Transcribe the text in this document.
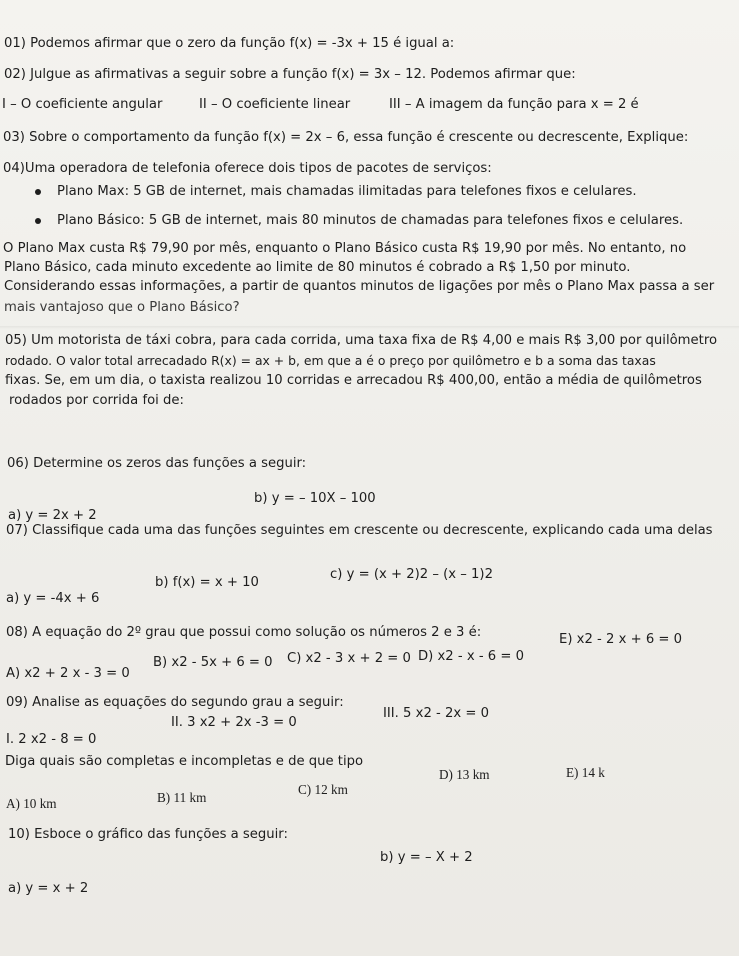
01) Podemos afirmar que o zero da função f(x) = -3x + 15 é igual a:
02) Julgue as afirmativas a seguir sobre a função f(x) = 3x – 12. Podemos afirmar que:
I – O coeficiente angular	II – O coeficiente linear	III – A imagem da função para x = 2 é
03) Sobre o comportamento da função f(x) = 2x – 6, essa função é crescente ou decrescente, Explique:
04)Uma operadora de telefonia oferece dois tipos de pacotes de serviços:
Plano Max: 5 GB de internet, mais chamadas ilimitadas para telefones fixos e celulares.
Plano Básico: 5 GB de internet, mais 80 minutos de chamadas para telefones fixos e celulares.
O Plano Max custa R$ 79,90 por mês, enquanto o Plano Básico custa R$ 19,90 por mês. No entanto, no
Plano Básico, cada minuto excedente ao limite de 80 minutos é cobrado a R$ 1,50 por minuto.
Considerando essas informações, a partir de quantos minutos de ligações por mês o Plano Max passa a ser
mais vantajoso que o Plano Básico?
05) Um motorista de táxi cobra, para cada corrida, uma taxa fixa de R$ 4,00 e mais R$ 3,00 por quilômetro
rodado. O valor total arrecadado R(x) = ax + b, em que a é o preço por quilômetro e b a soma das taxas
fixas. Se, em um dia, o taxista realizou 10 corridas e arrecadou R$ 400,00, então a média de quilômetros
rodados por corrida foi de:
06) Determine os zeros das funções a seguir:
a) y = 2x + 2
b) y = – 10X – 100
07) Classifique cada uma das funções seguintes em crescente ou decrescente, explicando cada uma delas
a) y = -4x + 6
b) f(x) = x + 10
c) y = (x + 2)2 – (x – 1)2
08) A equação do 2º grau que possui como solução os números 2 e 3 é:
A) x2 + 2 x - 3 = 0
B) x2 - 5x + 6 = 0 C) x2 - 3 x + 2 = 0 D) x2 - x - 6 = 0
E) x2 - 2 x + 6 = 0
09) Analise as equações do segundo grau a seguir:
I. 2 x2 - 8 = 0
II. 3 x2 + 2x -3 = 0
III. 5 x2 - 2x = 0
Diga quais são completas e incompletas e de que tipo
A) 10 km	B) 11 km
C) 12 km
D) 13 km	E) 14 k
10) Esboce o gráfico das funções a seguir:
a) y = x + 2
b) y = – X + 2
